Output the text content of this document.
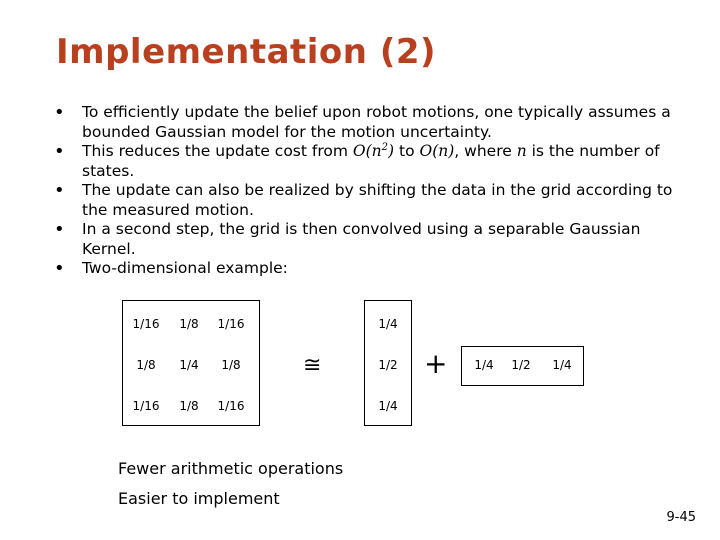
Implementation (2)
• To efficiently update the belief upon robot motions, one typically assumes a bounded Gaussian model for the motion uncertainty.
• This reduces the update cost from $O(n^2)$ to O(n), where n is the number of states.
• The update can also be realized by shifting the data in the grid according to the measured motion.
• In a second step, the grid is then convolved using a separable Gaussian Kernel.
• Two-dimensional example:
1/16	1/8	1/16
1/8	1/4	1/8
1/16	1/8	1/16
≅
1/4
1/2
1/4
+	1/4	1/2	1/4
Fewer arithmetic operations
Easier to implement
9-45
